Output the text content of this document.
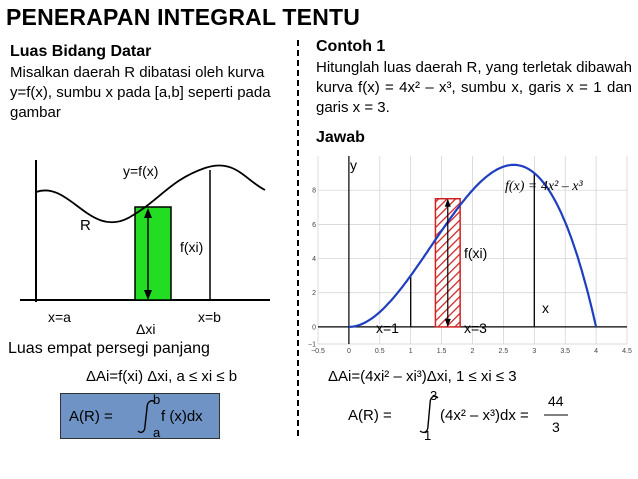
PENERAPAN INTEGRAL TENTU
Luas Bidang Datar
Misalkan daerah R dibatasi oleh kurva y=f(x), sumbu x pada [a,b] seperti pada gambar
Contoh 1
Hitunglah luas daerah R, yang terletak dibawah kurva f(x) = 4x² – x³, sumbu x, garis x = 1 dan garis x = 3.
Jawab
y=f(x)
R
f(xi)
x=a	x=b
Δxi
−0.5	0	0.5	1	1.5	2	2.5	3	3.5	4	4.5
−1
0
2
4
6
8
y
x
f(x) = 4x² – x³
f(xi)
x=1	x=3
Luas empat persegi panjang
ΔAi=f(xi) Δxi, a ≤ xi ≤ b	ΔAi=(4xi² – xi³)Δxi, 1 ≤ xi ≤ 3
A(R) =
b
a
f (x)dx	A(R) =
3
1
(4x² – x³)dx =
44
3
